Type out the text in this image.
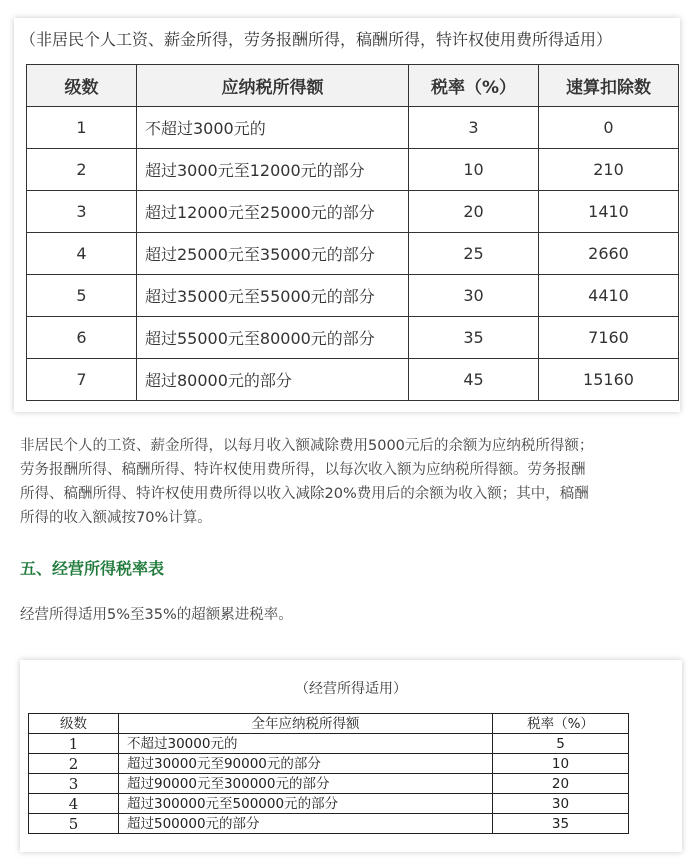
（非居民个人工资、薪金所得，劳务报酬所得，稿酬所得，特许权使用费所得适用）
级数	应纳税所得额	税率（%）	速算扣除数
1	不超过3000元的	3	0
2	超过3000元至12000元的部分	10	210
3	超过12000元至25000元的部分	20	1410
4	超过25000元至35000元的部分	25	2660
5	超过35000元至55000元的部分	30	4410
6	超过55000元至80000元的部分	35	7160
7	超过80000元的部分	45	15160
非居民个人的工资、薪金所得，以每月收入额减除费用5000元后的余额为应纳税所得额；
劳务报酬所得、稿酬所得、特许权使用费所得，以每次收入额为应纳税所得额。劳务报酬
所得、稿酬所得、特许权使用费所得以收入减除20%费用后的余额为收入额；其中，稿酬
所得的收入额减按70%计算。
五、经营所得税率表
经营所得适用5%至35%的超额累进税率。
（经营所得适用）
级数	全年应纳税所得额	税率（%）
1	不超过30000元的	5
2	超过30000元至90000元的部分	10
3	超过90000元至300000元的部分	20
4	超过300000元至500000元的部分	30
5	超过500000元的部分	35
